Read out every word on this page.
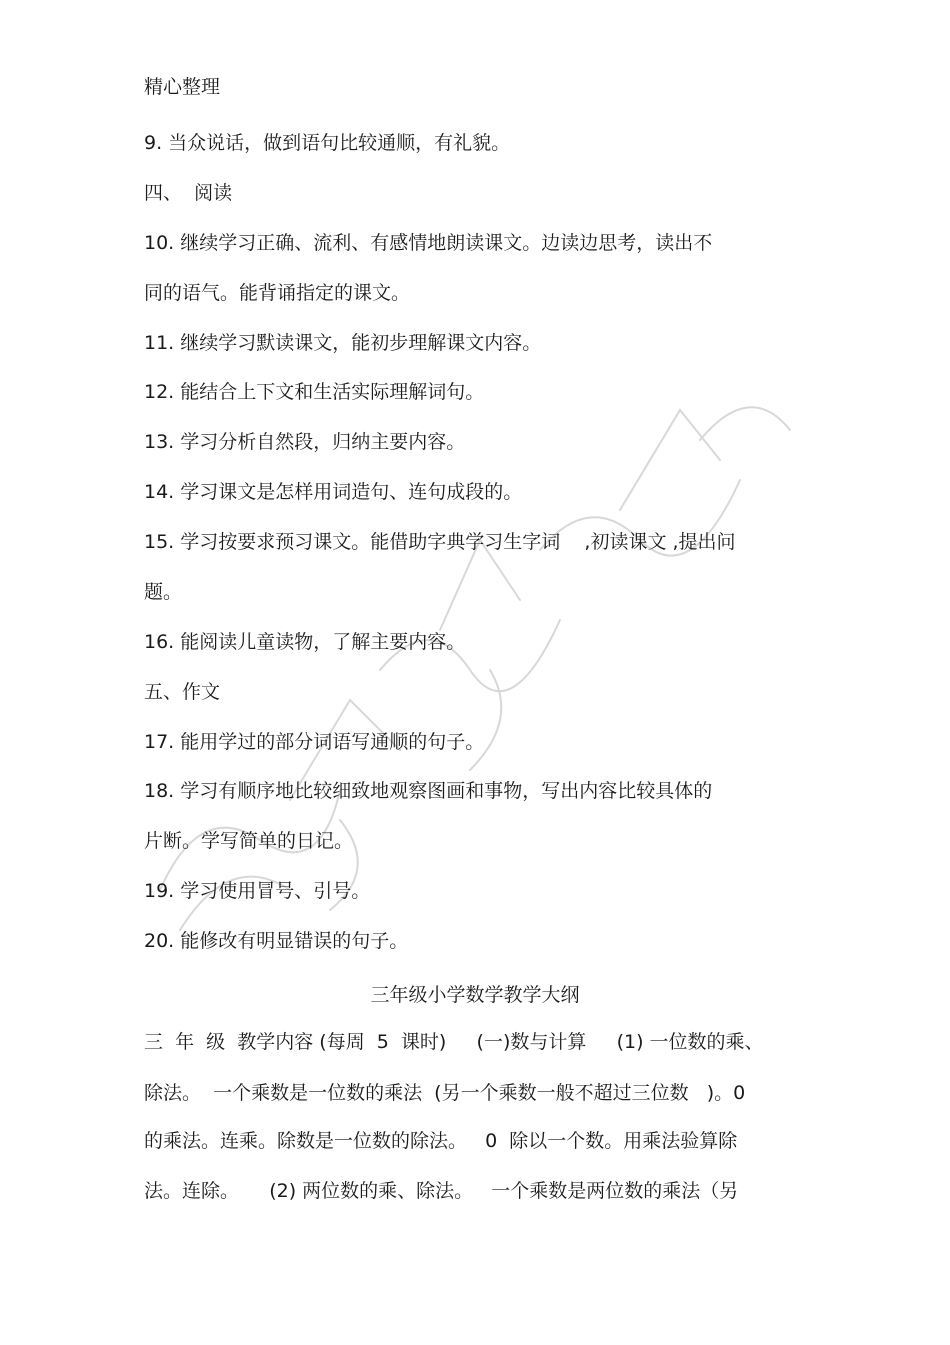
精心整理
9. 当众说话，做到语句比较通顺，有礼貌。
四、  阅读
10. 继续学习正确、流利、有感情地朗读课文。边读边思考，读出不
同的语气。能背诵指定的课文。
11. 继续学习默读课文，能初步理解课文内容。
12. 能结合上下文和生活实际理解词句。
13. 学习分析自然段，归纳主要内容。
14. 学习课文是怎样用词造句、连句成段的。
15. 学习按要求预习课文。能借助字典学习生字词    ,初读课文 ,提出问
题。
16. 能阅读儿童读物，了解主要内容。
五、作文
17. 能用学过的部分词语写通顺的句子。
18. 学习有顺序地比较细致地观察图画和事物，写出内容比较具体的
片断。学写简单的日记。
19. 学习使用冒号、引号。
20. 能修改有明显错误的句子。
三年级小学数学教学大纲
三  年  级  教学内容 (每周  5  课时)     (一)数与计算     (1) 一位数的乘、
除法。  一个乘数是一位数的乘法  (另一个乘数一般不超过三位数   )。0
的乘法。连乘。除数是一位数的除法。   0  除以一个数。用乘法验算除
法。连除。     (2) 两位数的乘、除法。   一个乘数是两位数的乘法（另
